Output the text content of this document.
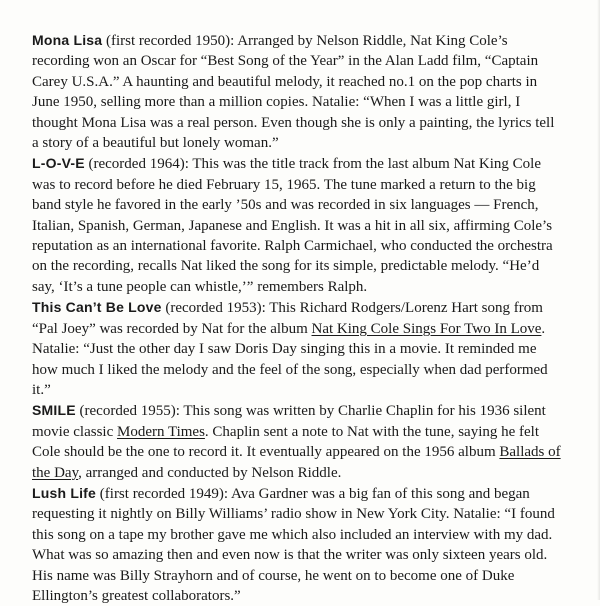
Mona Lisa (first recorded 1950): Arranged by Nelson Riddle, Nat King Cole’s recording won an Oscar for “Best Song of the Year” in the Alan Ladd film, “Captain Carey U.S.A.” A haunting and beautiful melody, it reached no.1 on the pop charts in June 1950, selling more than a million copies. Natalie: “When I was a little girl, I thought Mona Lisa was a real person. Even though she is only a painting, the lyrics tell a story of a beautiful but lonely woman.”

L-O-V-E (recorded 1964): This was the title track from the last album Nat King Cole was to record before he died February 15, 1965. The tune marked a return to the big band style he favored in the early ’50s and was recorded in six languages — French, Italian, Spanish, German, Japanese and English. It was a hit in all six, affirming Cole’s reputation as an international favorite. Ralph Carmichael, who conducted the orchestra on the recording, recalls Nat liked the song for its simple, predictable melody. “He’d say, ‘It’s a tune people can whistle,’” remembers Ralph.

This Can’t Be Love (recorded 1953): This Richard Rodgers/Lorenz Hart song from “Pal Joey” was recorded by Nat for the album Nat King Cole Sings For Two In Love. Natalie: “Just the other day I saw Doris Day singing this in a movie. It reminded me how much I liked the melody and the feel of the song, especially when dad performed it.”

SMILE (recorded 1955): This song was written by Charlie Chaplin for his 1936 silent movie classic Modern Times. Chaplin sent a note to Nat with the tune, saying he felt Cole should be the one to record it. It eventually appeared on the 1956 album Ballads of the Day, arranged and conducted by Nelson Riddle.

Lush Life (first recorded 1949): Ava Gardner was a big fan of this song and began requesting it nightly on Billy Williams’ radio show in New York City. Natalie: “I found this song on a tape my brother gave me which also included an interview with my dad. What was so amazing then and even now is that the writer was only sixteen years old. His name was Billy Strayhorn and of course, he went on to become one of Duke Ellington’s greatest collaborators.”
